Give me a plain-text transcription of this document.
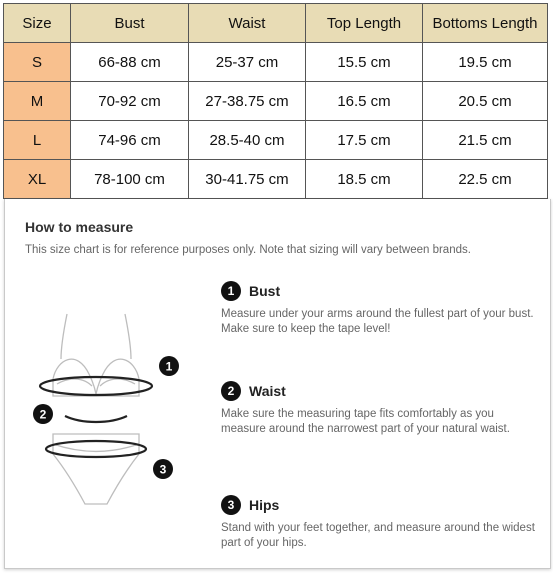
Size	Bust	Waist	Top Length	Bottoms Length
S	66-88 cm	25-37 cm	15.5 cm	19.5 cm
M	70-92 cm	27-38.75 cm	16.5 cm	20.5 cm
L	74-96 cm	28.5-40 cm	17.5 cm	21.5 cm
XL	78-100 cm	30-41.75 cm	18.5 cm	22.5 cm
How to measure
This size chart is for reference purposes only. Note that sizing will vary between brands.
1
2
3
1	Bust
Measure under your arms around the fullest part of your bust. Make sure to keep the tape level!
2	Waist
Make sure the measuring tape fits comfortably as you measure around the narrowest part of your natural waist.
3	Hips
Stand with your feet together, and measure around the widest part of your hips.
